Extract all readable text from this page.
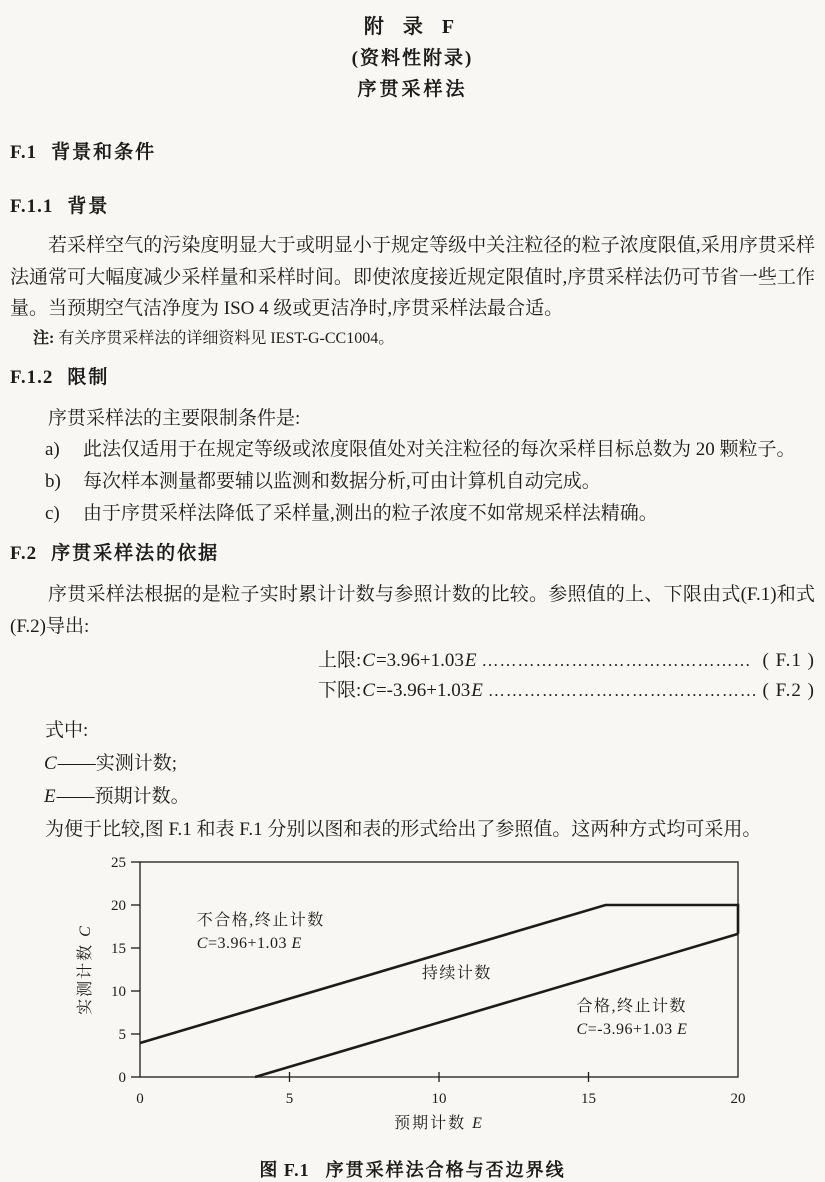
附 录 F
(资料性附录)
序贯采样法
F.1 背景和条件
F.1.1 背景

若采样空气的污染度明显大于或明显小于规定等级中关注粒径的粒子浓度限值,采用序贯采样法通常可大幅度减少采样量和采样时间。即使浓度接近规定限值时,序贯采样法仍可节省一些工作量。当预期空气洁净度为 ISO 4 级或更洁净时,序贯采样法最合适。

注: 有关序贯采样法的详细资料见 IEST-G-CC1004。

F.1.2 限制

序贯采样法的主要限制条件是:

a)	此法仅适用于在规定等级或浓度限值处对关注粒径的每次采样目标总数为 20 颗粒子。
b)	每次样本测量都要辅以监测和数据分析,可由计算机自动完成。
c)	由于序贯采样法降低了采样量,测出的粒子浓度不如常规采样法精确。
F.2 序贯采样法的依据

序贯采样法根据的是粒子实时累计计数与参照计数的比较。参照值的上、下限由式(F.1)和式(F.2)导出:

上限: C =3.96+1.03 E ……………………………………… ( F.1 )
下限: C =-3.96+1.03 E ……………………………………… ( F.2 )

式中:

C——实测计数;
E——预期计数。

为便于比较,图 F.1 和表 F.1 分别以图和表的形式给出了参照值。这两种方式均可采用。

0
5
10
15
20
25
0	5	10	15	20
不合格,终止计数
C=3.96+1.03 E
持续计数
合格,终止计数
C=-3.96+1.03 E
预期计数 E
实测计数 C
图 F.1 序贯采样法合格与否边界线
